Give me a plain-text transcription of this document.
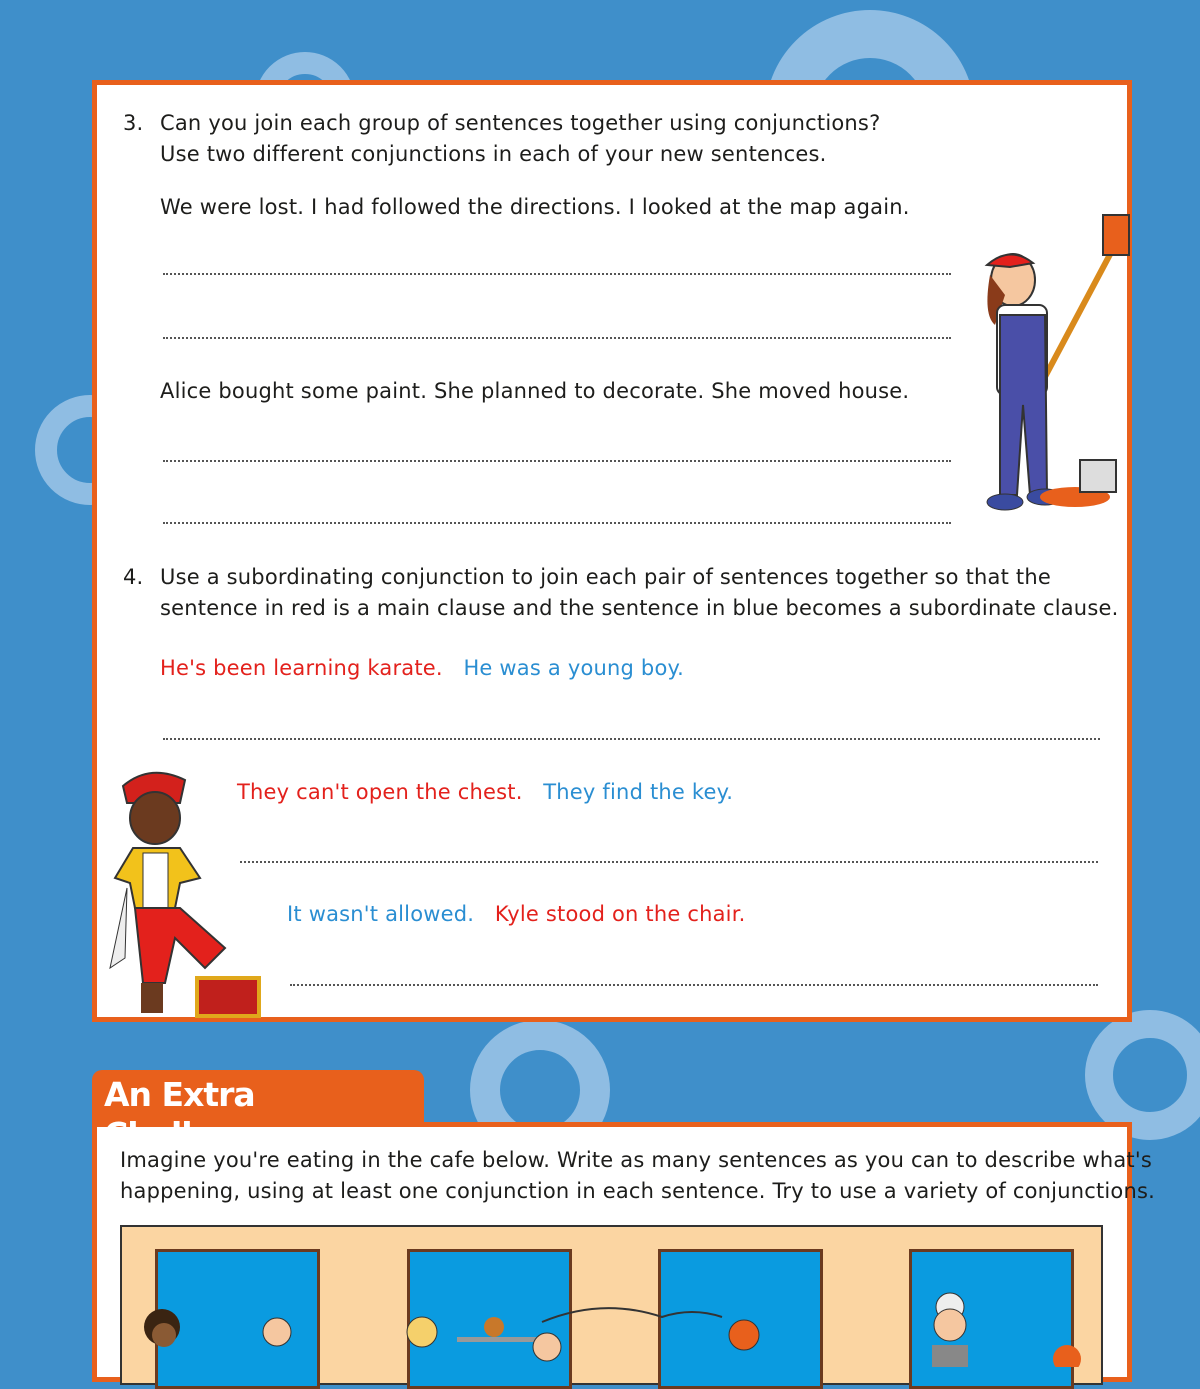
3. Can you join each group of sentences together using conjunctions?
Use two different conjunctions in each of your new sentences.
We were lost. I had followed the directions. I looked at the map again.
Alice bought some paint. She planned to decorate. She moved house.
4. Use a subordinating conjunction to join each pair of sentences together so that the
sentence in red is a main clause and the sentence in blue becomes a subordinate clause.
He's been learning karate. He was a young boy.
They can't open the chest. They find the key.
It wasn't allowed. Kyle stood on the chair.
An Extra Challenge
Imagine you're eating in the cafe below. Write as many sentences as you can to describe what's
happening, using at least one conjunction in each sentence. Try to use a variety of conjunctions.
